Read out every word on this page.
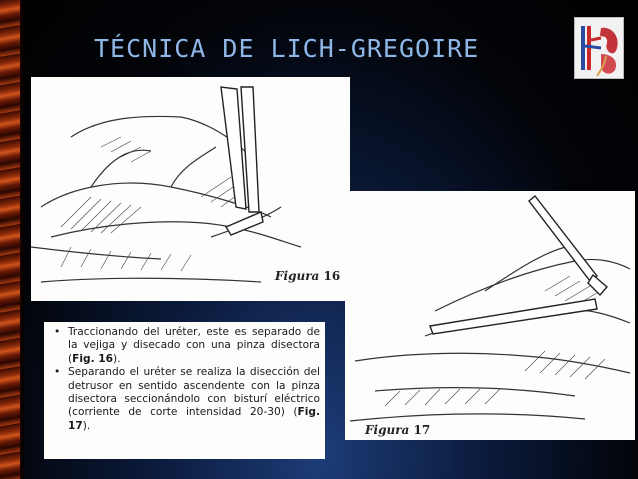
TÉCNICA DE LICH-GREGOIRE
Figura 16
Figura 17
• Traccionando del uréter, este es separado de la vejiga y disecado con una pinza disectora (Fig. 16).
• Separando el uréter se realiza la disección del detrusor en sentido ascendente con la pinza disectora seccionándolo con bisturí eléctrico (corriente de corte intensidad 20-30) (Fig. 17).
